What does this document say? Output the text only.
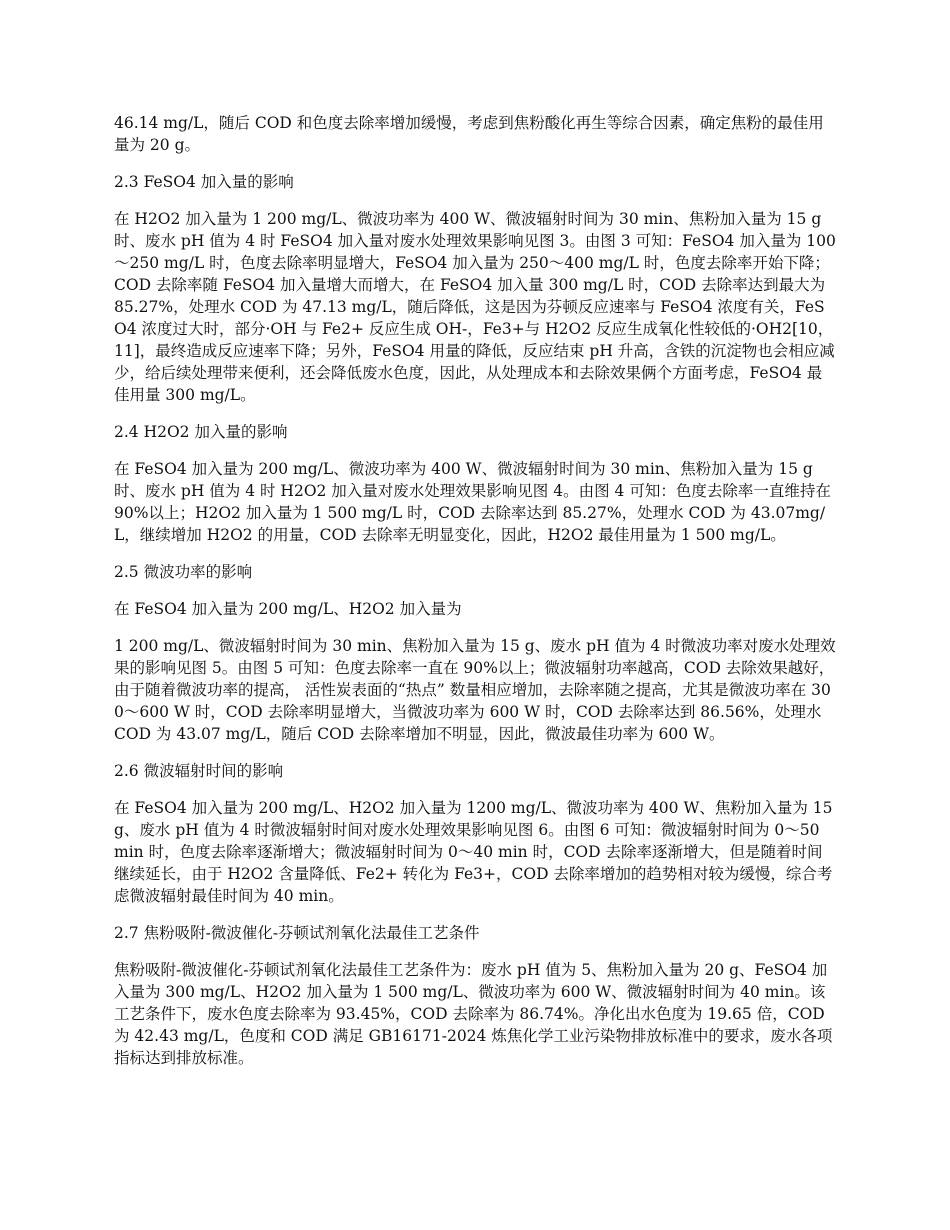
46.14 mg/L，随后 COD 和色度去除率增加缓慢，考虑到焦粉酸化再生等综合因素，确定焦粉的最佳用量为 20 g。

2.3 FeSO4 加入量的影响

在 H2O2 加入量为 1 200 mg/L、微波功率为 400 W、微波辐射时间为 30 min、焦粉加入量为 15 g 时、废水 pH 值为 4 时 FeSO4 加入量对废水处理效果影响见图 3。由图 3 可知：FeSO4 加入量为 100～250 mg/L 时，色度去除率明显增大，FeSO4 加入量为 250～400 mg/L 时，色度去除率开始下降；COD 去除率随 FeSO4 加入量增大而增大，在 FeSO4 加入量 300 mg/L 时，COD 去除率达到最大为 85.27%，处理水 COD 为 47.13 mg/L，随后降低，这是因为芬顿反应速率与 FeSO4 浓度有关，FeSO4 浓度过大时，部分·OH 与 Fe2+ 反应生成 OH-，Fe3+与 H2O2 反应生成氧化性较低的·OH2[10，11]，最终造成反应速率下降；另外，FeSO4 用量的降低，反应结束 pH 升高，含铁的沉淀物也会相应减少，给后续处理带来便利，还会降低废水色度，因此，从处理成本和去除效果俩个方面考虑，FeSO4 最佳用量 300 mg/L。

2.4 H2O2 加入量的影响

在 FeSO4 加入量为 200 mg/L、微波功率为 400 W、微波辐射时间为 30 min、焦粉加入量为 15 g 时、废水 pH 值为 4 时 H2O2 加入量对废水处理效果影响见图 4。由图 4 可知：色度去除率一直维持在 90%以上；H2O2 加入量为 1 500 mg/L 时，COD 去除率达到 85.27%，处理水 COD 为 43.07mg/L，继续增加 H2O2 的用量，COD 去除率无明显变化，因此，H2O2 最佳用量为 1 500 mg/L。

2.5 微波功率的影响

在 FeSO4 加入量为 200 mg/L、H2O2 加入量为

1 200 mg/L、微波辐射时间为 30 min、焦粉加入量为 15 g、废水 pH 值为 4 时微波功率对废水处理效果的影响见图 5。由图 5 可知：色度去除率一直在 90%以上；微波辐射功率越高，COD 去除效果越好，由于随着微波功率的提高， 活性炭表面的“热点” 数量相应增加，去除率随之提高，尤其是微波功率在 300～600 W 时，COD 去除率明显增大，当微波功率为 600 W 时，COD 去除率达到 86.56%，处理水 COD 为 43.07 mg/L，随后 COD 去除率增加不明显，因此，微波最佳功率为 600 W。

2.6 微波辐射时间的影响

在 FeSO4 加入量为 200 mg/L、H2O2 加入量为 1200 mg/L、微波功率为 400 W、焦粉加入量为 15 g、废水 pH 值为 4 时微波辐射时间对废水处理效果影响见图 6。由图 6 可知：微波辐射时间为 0～50 min 时，色度去除率逐渐增大；微波辐射时间为 0～40 min 时，COD 去除率逐渐增大，但是随着时间继续延长，由于 H2O2 含量降低、Fe2+ 转化为 Fe3+，COD 去除率增加的趋势相对较为缓慢，综合考虑微波辐射最佳时间为 40 min。

2.7 焦粉吸附-微波催化-芬顿试剂氧化法最佳工艺条件

焦粉吸附-微波催化-芬顿试剂氧化法最佳工艺条件为：废水 pH 值为 5、焦粉加入量为 20 g、FeSO4 加入量为 300 mg/L、H2O2 加入量为 1 500 mg/L、微波功率为 600 W、微波辐射时间为 40 min。该工艺条件下，废水色度去除率为 93.45%，COD 去除率为 86.74%。净化出水色度为 19.65 倍，COD 为 42.43 mg/L，色度和 COD 满足 GB16171-2024 炼焦化学工业污染物排放标准中的要求，废水各项指标达到排放标准。
